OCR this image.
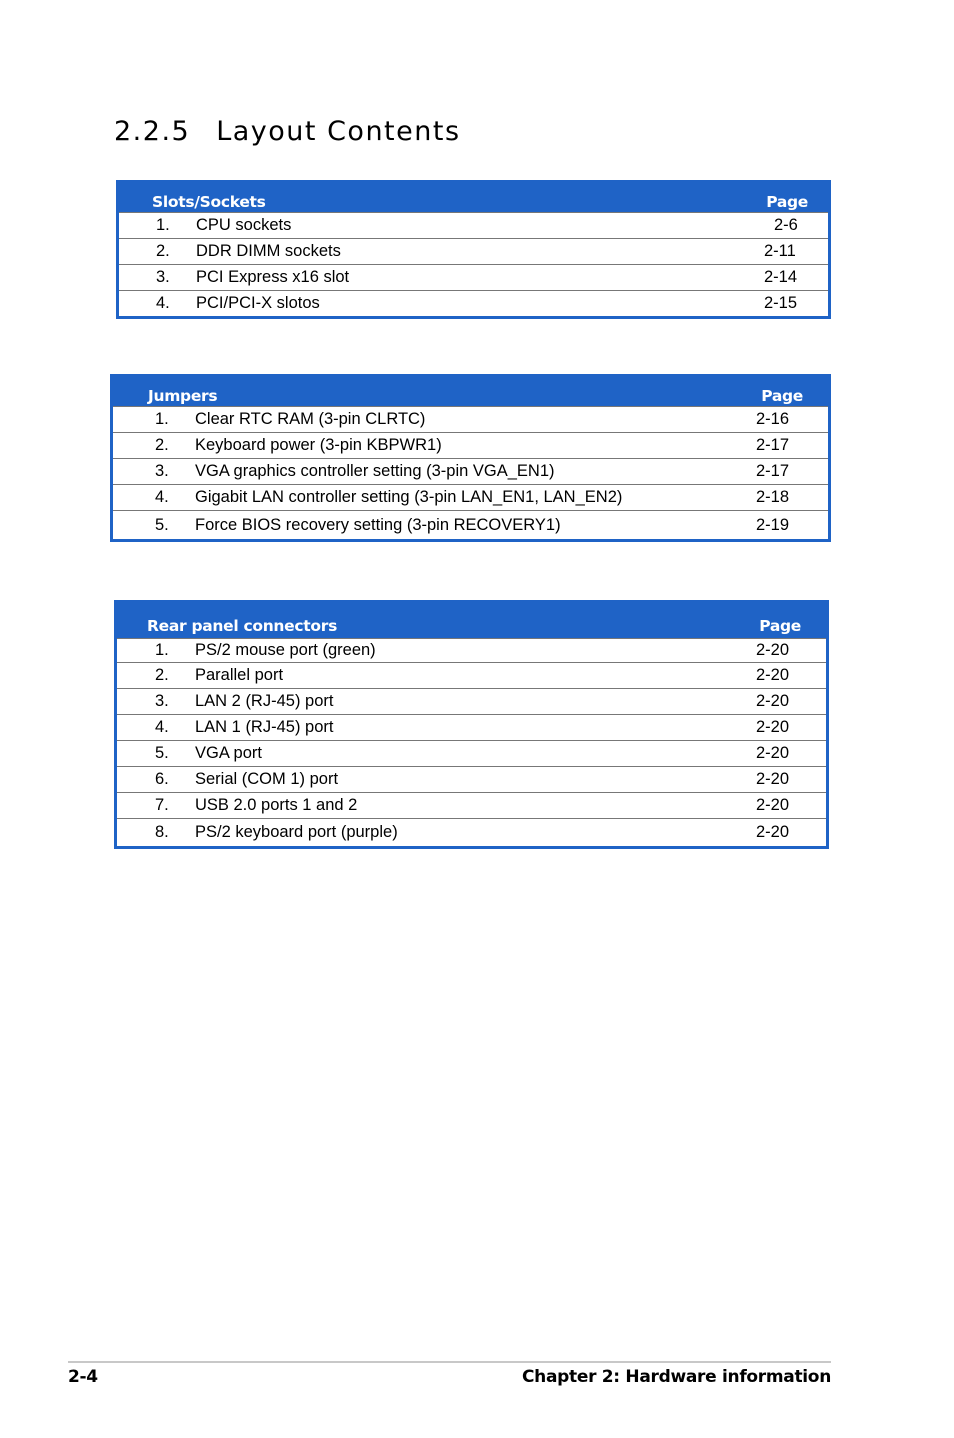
2.2.5 Layout Contents
Slots/Sockets	Page
1.	CPU sockets	2-6
2.	DDR DIMM sockets	2-11
3.	PCI Express x16 slot	2-14
4.	PCI/PCI-X slotos	2-15
Jumpers	Page
1.	Clear RTC RAM (3-pin CLRTC)	2-16
2.	Keyboard power (3-pin KBPWR1)	2-17
3.	VGA graphics controller setting (3-pin VGA_EN1)	2-17
4.	Gigabit LAN controller setting (3-pin LAN_EN1, LAN_EN2)	2-18
5.	Force BIOS recovery setting (3-pin RECOVERY1)	2-19
Rear panel connectors	Page
1.	PS/2 mouse port (green)	2-20
2.	Parallel port	2-20
3.	LAN 2 (RJ-45) port	2-20
4.	LAN 1 (RJ-45) port	2-20
5.	VGA port	2-20
6.	Serial (COM 1) port	2-20
7.	USB 2.0 ports 1 and 2	2-20
8.	PS/2 keyboard port (purple)	2-20
2-4	Chapter 2: Hardware information
